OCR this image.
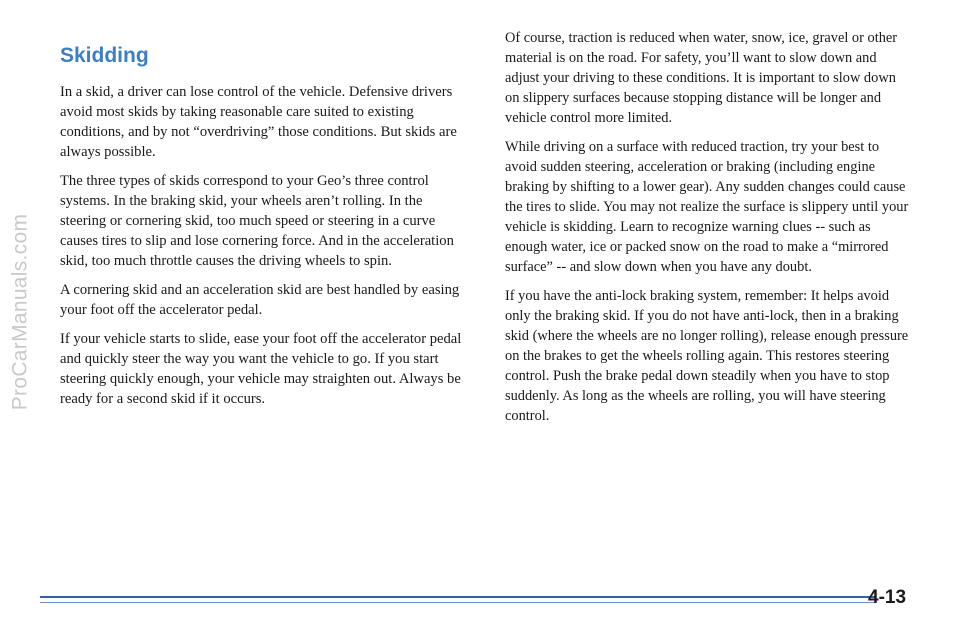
ProCarManuals.com
Skidding

In a skid, a driver can lose control of the vehicle. Defensive drivers avoid most skids by taking reasonable care suited to existing conditions, and by not “overdriving” those conditions. But skids are always possible.

The three types of skids correspond to your Geo’s three control systems. In the braking skid, your wheels aren’t rolling. In the steering or cornering skid, too much speed or steering in a curve causes tires to slip and lose cornering force. And in the acceleration skid, too much throttle causes the driving wheels to spin.

A cornering skid and an acceleration skid are best handled by easing your foot off the accelerator pedal.

If your vehicle starts to slide, ease your foot off the accelerator pedal and quickly steer the way you want the vehicle to go. If you start steering quickly enough, your vehicle may straighten out. Always be ready for a second skid if it occurs.

Of course, traction is reduced when water, snow, ice, gravel or other material is on the road. For safety, you’ll want to slow down and adjust your driving to these conditions. It is important to slow down on slippery surfaces because stopping distance will be longer and vehicle control more limited.

While driving on a surface with reduced traction, try your best to avoid sudden steering, acceleration or braking (including engine braking by shifting to a lower gear). Any sudden changes could cause the tires to slide. You may not realize the surface is slippery until your vehicle is skidding. Learn to recognize warning clues -- such as enough water, ice or packed snow on the road to make a “mirrored surface” -- and slow down when you have any doubt.

If you have the anti-lock braking system, remember: It helps avoid only the braking skid. If you do not have anti-lock, then in a braking skid (where the wheels are no longer rolling), release enough pressure on the brakes to get the wheels rolling again. This restores steering control. Push the brake pedal down steadily when you have to stop suddenly. As long as the wheels are rolling, you will have steering control.

4-13
